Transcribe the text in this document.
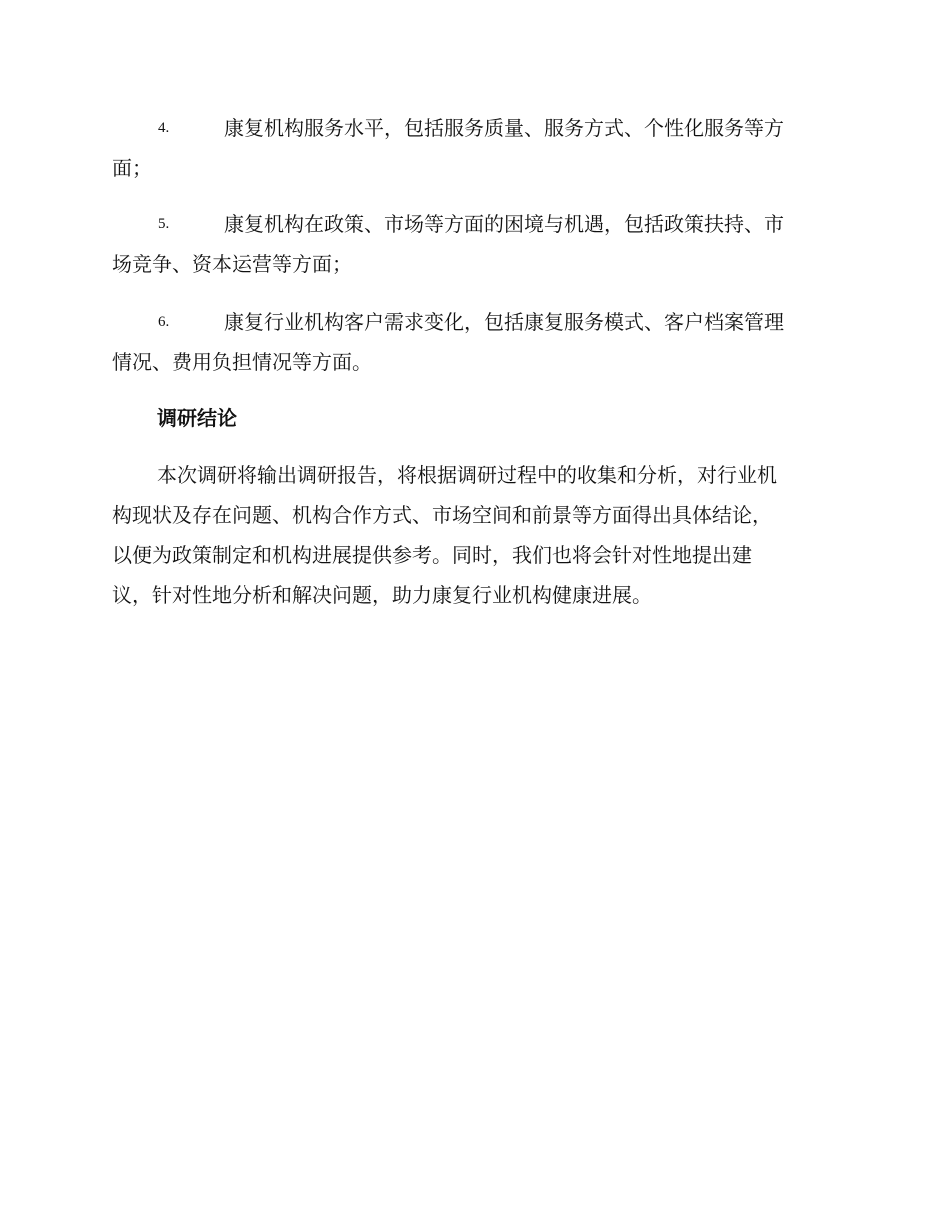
4.	康复机构服务水平，包括服务质量、服务方式、个性化服务等方
面；
5.	康复机构在政策、市场等方面的困境与机遇，包括政策扶持、市
场竞争、资本运营等方面；
6.	康复行业机构客户需求变化，包括康复服务模式、客户档案管理
情况、费用负担情况等方面。
调研结论
本次调研将输出调研报告，将根据调研过程中的收集和分析，对行业机
构现状及存在问题、机构合作方式、市场空间和前景等方面得出具体结论，
以便为政策制定和机构进展提供参考。同时，我们也将会针对性地提出建
议，针对性地分析和解决问题，助力康复行业机构健康进展。
